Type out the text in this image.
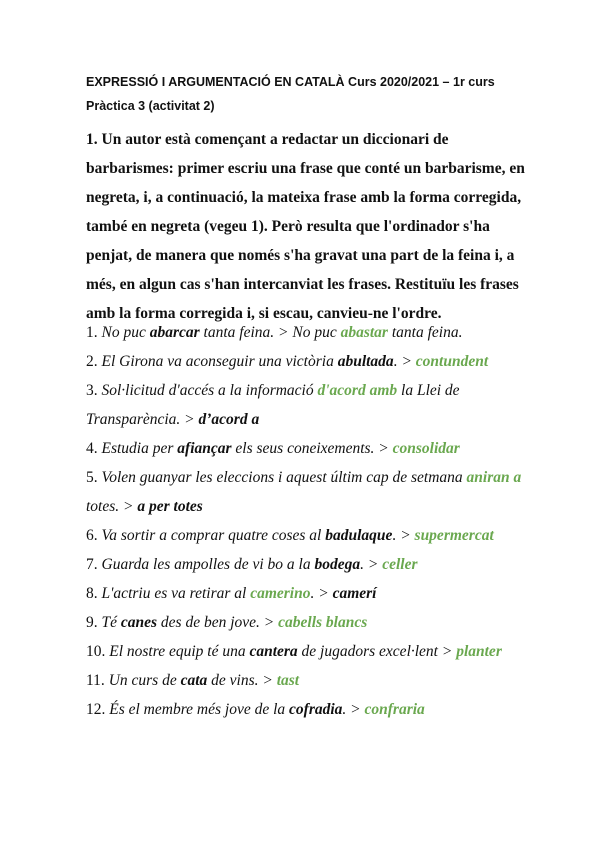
EXPRESSIÓ I ARGUMENTACIÓ EN CATALÀ Curs 2020/2021 – 1r curs
Pràctica 3 (activitat 2)
1. Un autor està començant a redactar un diccionari de barbarismes: primer escriu una frase que conté un barbarisme, en negreta, i, a continuació, la mateixa frase amb la forma corregida, també en negreta (vegeu 1). Però resulta que l'ordinador s'ha penjat, de manera que només s'ha gravat una part de la feina i, a més, en algun cas s'han intercanviat les frases. Restituïu les frases amb la forma corregida i, si escau, canvieu-ne l'ordre.
1. No puc abarcar tanta feina. > No puc abastar tanta feina.
2. El Girona va aconseguir una victòria abultada. > contundent
3. Sol·licitud d'accés a la informació d'acord amb la Llei de Transparència. > d’acord a
4. Estudia per afiançar els seus coneixements. > consolidar
5. Volen guanyar les eleccions i aquest últim cap de setmana aniran a totes. > a per totes
6. Va sortir a comprar quatre coses al badulaque. > supermercat
7. Guarda les ampolles de vi bo a la bodega. > celler
8. L'actriu es va retirar al camerino. > camerí
9. Té canes des de ben jove. > cabells blancs
10. El nostre equip té una cantera de jugadors excel·lent > planter
11. Un curs de cata de vins. > tast
12. És el membre més jove de la cofradia. > confraria
